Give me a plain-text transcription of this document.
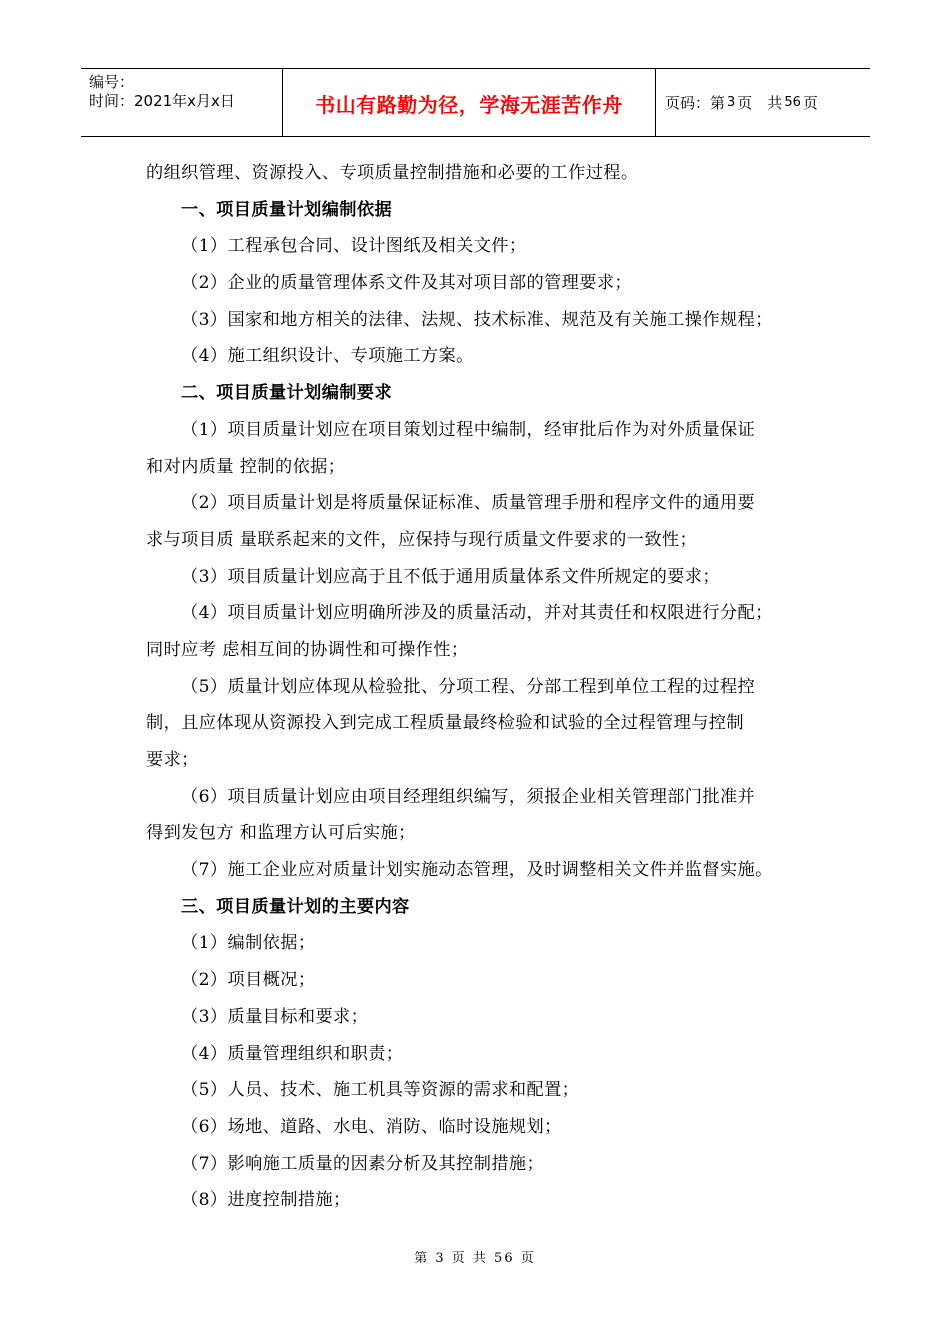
编号：
时间：2021年x月x日	书山有路勤为径，学海无涯苦作舟	页码：第 3 页　共 56 页
的组织管理、资源投入、专项质量控制措施和必要的工作过程。
一、项目质量计划编制依据
（1）工程承包合同、设计图纸及相关文件；
（2）企业的质量管理体系文件及其对项目部的管理要求；
（3）国家和地方相关的法律、法规、技术标准、规范及有关施工操作规程；
（4）施工组织设计、专项施工方案。
二、项目质量计划编制要求
（1）项目质量计划应在项目策划过程中编制，经审批后作为对外质量保证
和对内质量 控制的依据；
（2）项目质量计划是将质量保证标准、质量管理手册和程序文件的通用要
求与项目质 量联系起来的文件，应保持与现行质量文件要求的一致性；
（3）项目质量计划应高于且不低于通用质量体系文件所规定的要求；
（4）项目质量计划应明确所涉及的质量活动，并对其责任和权限进行分配；
同时应考 虑相互间的协调性和可操作性；
（5）质量计划应体现从检验批、分项工程、分部工程到单位工程的过程控
制，且应体现从资源投入到完成工程质量最终检验和试验的全过程管理与控制
要求；
（6）项目质量计划应由项目经理组织编写，须报企业相关管理部门批准并
得到发包方 和监理方认可后实施；
（7）施工企业应对质量计划实施动态管理，及时调整相关文件并监督实施。
三、项目质量计划的主要内容
（1）编制依据；
（2）项目概况；
（3）质量目标和要求；
（4）质量管理组织和职责；
（5）人员、技术、施工机具等资源的需求和配置；
（6）场地、道路、水电、消防、临时设施规划；
（7）影响施工质量的因素分析及其控制措施；
（8）进度控制措施；
第 3 页 共 56 页
